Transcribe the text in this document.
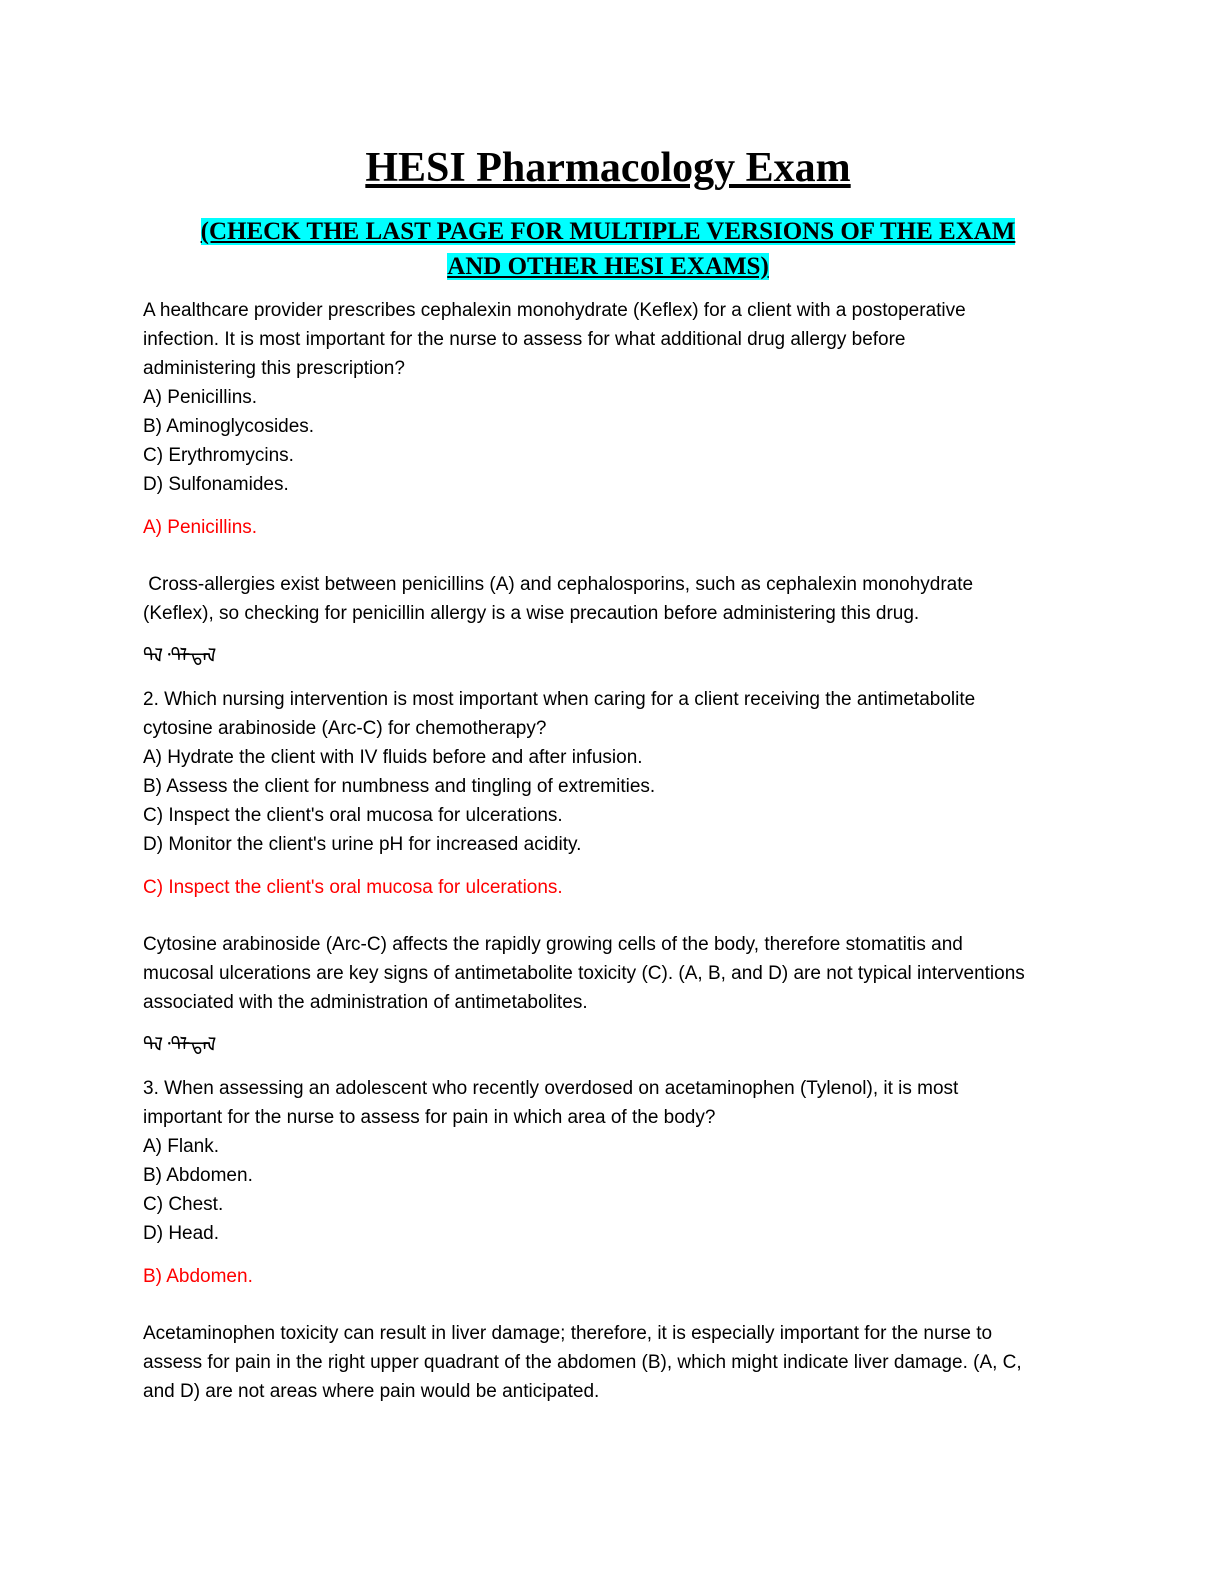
HESI Pharmacology Exam
(CHECK THE LAST PAGE FOR MULTIPLE VERSIONS OF THE EXAM
AND OTHER HESI EXAMS)
A healthcare provider prescribes cephalexin monohydrate (Keflex) for a client with a postoperative
infection. It is most important for the nurse to assess for what additional drug allergy before
administering this prescription?
A) Penicillins.
B) Aminoglycosides.
C) Erythromycins.
D) Sulfonamides.
A) Penicillins.
Cross-allergies exist between penicillins (A) and cephalosporins, such as cephalexin monohydrate
(Keflex), so checking for penicillin allergy is a wise precaution before administering this drug.
ᠲᠯ᠂ᠲᠯ᠊ᠲᠠᠯ
2. Which nursing intervention is most important when caring for a client receiving the antimetabolite
cytosine arabinoside (Arc-C) for chemotherapy?
A) Hydrate the client with IV fluids before and after infusion.
B) Assess the client for numbness and tingling of extremities.
C) Inspect the client's oral mucosa for ulcerations.
D) Monitor the client's urine pH for increased acidity.
C) Inspect the client's oral mucosa for ulcerations.
Cytosine arabinoside (Arc-C) affects the rapidly growing cells of the body, therefore stomatitis and
mucosal ulcerations are key signs of antimetabolite toxicity (C). (A, B, and D) are not typical interventions
associated with the administration of antimetabolites.
ᠲᠯ᠂ᠲᠯ᠊ᠲᠠᠯ
3. When assessing an adolescent who recently overdosed on acetaminophen (Tylenol), it is most
important for the nurse to assess for pain in which area of the body?
A) Flank.
B) Abdomen.
C) Chest.
D) Head.
B) Abdomen.
Acetaminophen toxicity can result in liver damage; therefore, it is especially important for the nurse to
assess for pain in the right upper quadrant of the abdomen (B), which might indicate liver damage. (A, C,
and D) are not areas where pain would be anticipated.
